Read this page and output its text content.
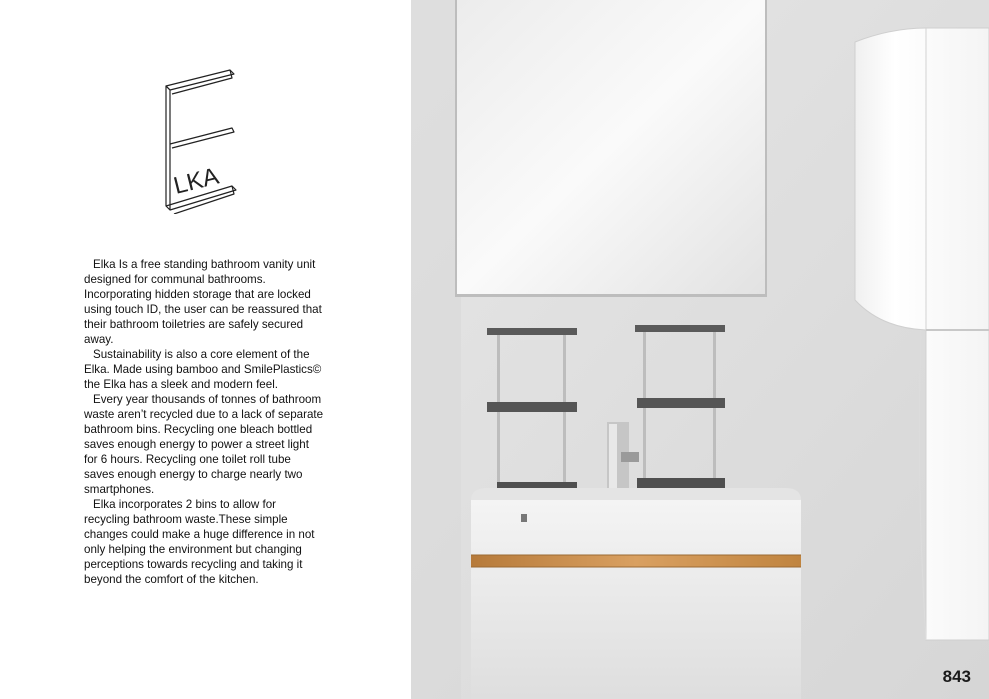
LKA

Elka Is a free standing bathroom vanity unit designed for communal bathrooms. Incorporating hidden storage that are locked using touch ID, the user can be reassured that their bathroom toiletries are safely secured away.

Sustainability is also a core element of the Elka. Made using bamboo and SmilePlastics© the Elka has a sleek and modern feel.

Every year thousands of tonnes of bathroom waste aren’t recycled due to a lack of separate bathroom bins. Recycling one bleach bottled saves enough energy to power a street light for 6 hours. Recycling one toilet roll tube saves enough energy to charge nearly two smartphones.

Elka incorporates 2 bins to allow for recycling bathroom waste.These simple changes could make a huge difference in not only helping the environment but changing perceptions towards recycling and taking it beyond the comfort of the kitchen.

843
